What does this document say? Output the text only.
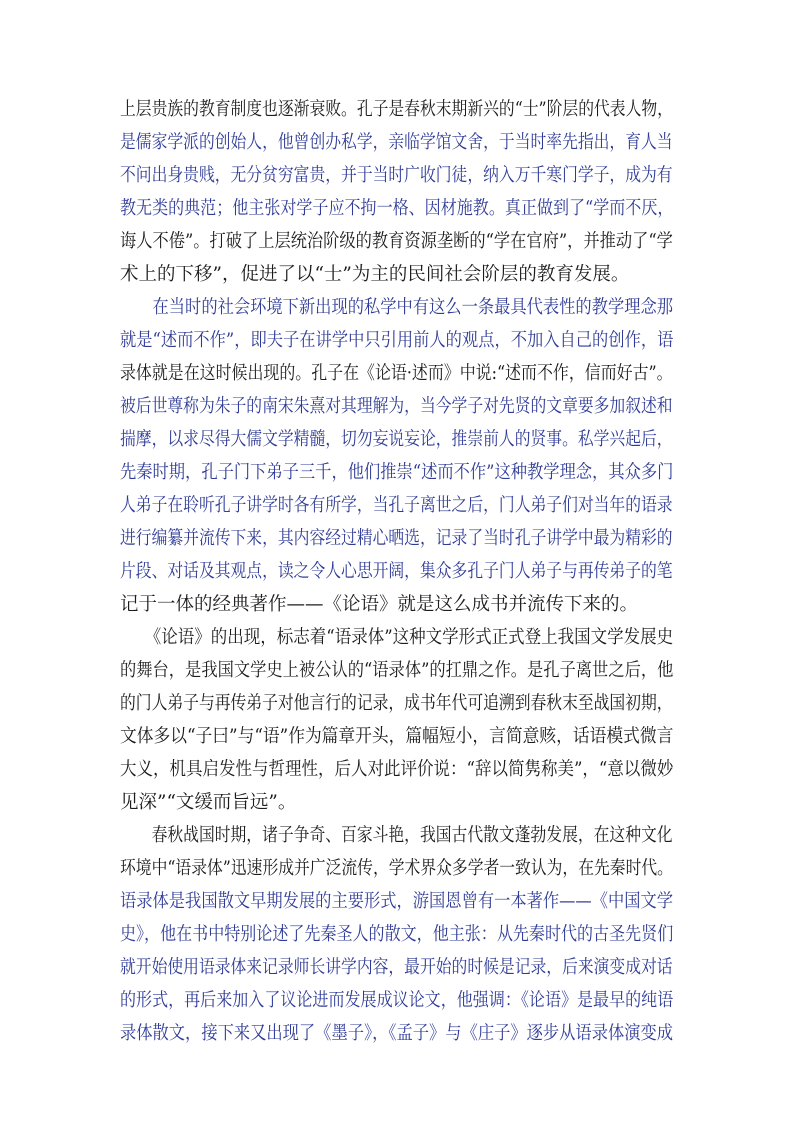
上层贵族的教育制度也逐渐衰败。孔子是春秋末期新兴的“士”阶层的代表人物，
是儒家学派的创始人，他曾创办私学，亲临学馆文舍，于当时率先指出，育人当
不问出身贵贱，无分贫穷富贵，并于当时广收门徒，纳入万千寒门学子，成为有
教无类的典范；他主张对学子应不拘一格、因材施教。真正做到了“学而不厌，
诲人不倦”。打破了上层统治阶级的教育资源垄断的“学在官府”，并推动了“学
术上的下移”，促进了以“士”为主的民间社会阶层的教育发展。
　　在当时的社会环境下新出现的私学中有这么一条最具代表性的教学理念那
就是“述而不作”，即夫子在讲学中只引用前人的观点，不加入自己的创作，语
录体就是在这时候出现的。孔子在《论语·述而》中说:“述而不作，信而好古”。
被后世尊称为朱子的南宋朱熹对其理解为，当今学子对先贤的文章要多加叙述和
揣摩，以求尽得大儒文学精髓，切勿妄说妄论，推崇前人的贤事。私学兴起后，
先秦时期，孔子门下弟子三千，他们推崇“述而不作”这种教学理念，其众多门
人弟子在聆听孔子讲学时各有所学，当孔子离世之后，门人弟子们对当年的语录
进行编纂并流传下来，其内容经过精心晒选，记录了当时孔子讲学中最为精彩的
片段、对话及其观点，读之令人心思开阔，集众多孔子门人弟子与再传弟子的笔
记于一体的经典著作——《论语》就是这么成书并流传下来的。
　　《论语》的出现，标志着“语录体”这种文学形式正式登上我国文学发展史
的舞台，是我国文学史上被公认的“语录体”的扛鼎之作。是孔子离世之后，他
的门人弟子与再传弟子对他言行的记录，成书年代可追溯到春秋末至战国初期，
文体多以“子曰”与“语”作为篇章开头，篇幅短小，言简意赅，话语模式微言
大义，机具启发性与哲理性，后人对此评价说：“辞以简隽称美”，“意以微妙
见深”“文缓而旨远”。
　　春秋战国时期，诸子争奇、百家斗艳，我国古代散文蓬勃发展，在这种文化
环境中“语录体”迅速形成并广泛流传，学术界众多学者一致认为，在先秦时代。
语录体是我国散文早期发展的主要形式，游国恩曾有一本著作——《中国文学
史》，他在书中特别论述了先秦圣人的散文，他主张：从先秦时代的古圣先贤们
就开始使用语录体来记录师长讲学内容，最开始的时候是记录，后来演变成对话
的形式，再后来加入了议论进而发展成议论文，他强调：《论语》是最早的纯语
录体散文，接下来又出现了《墨子》，《孟子》与《庄子》逐步从语录体演变成
